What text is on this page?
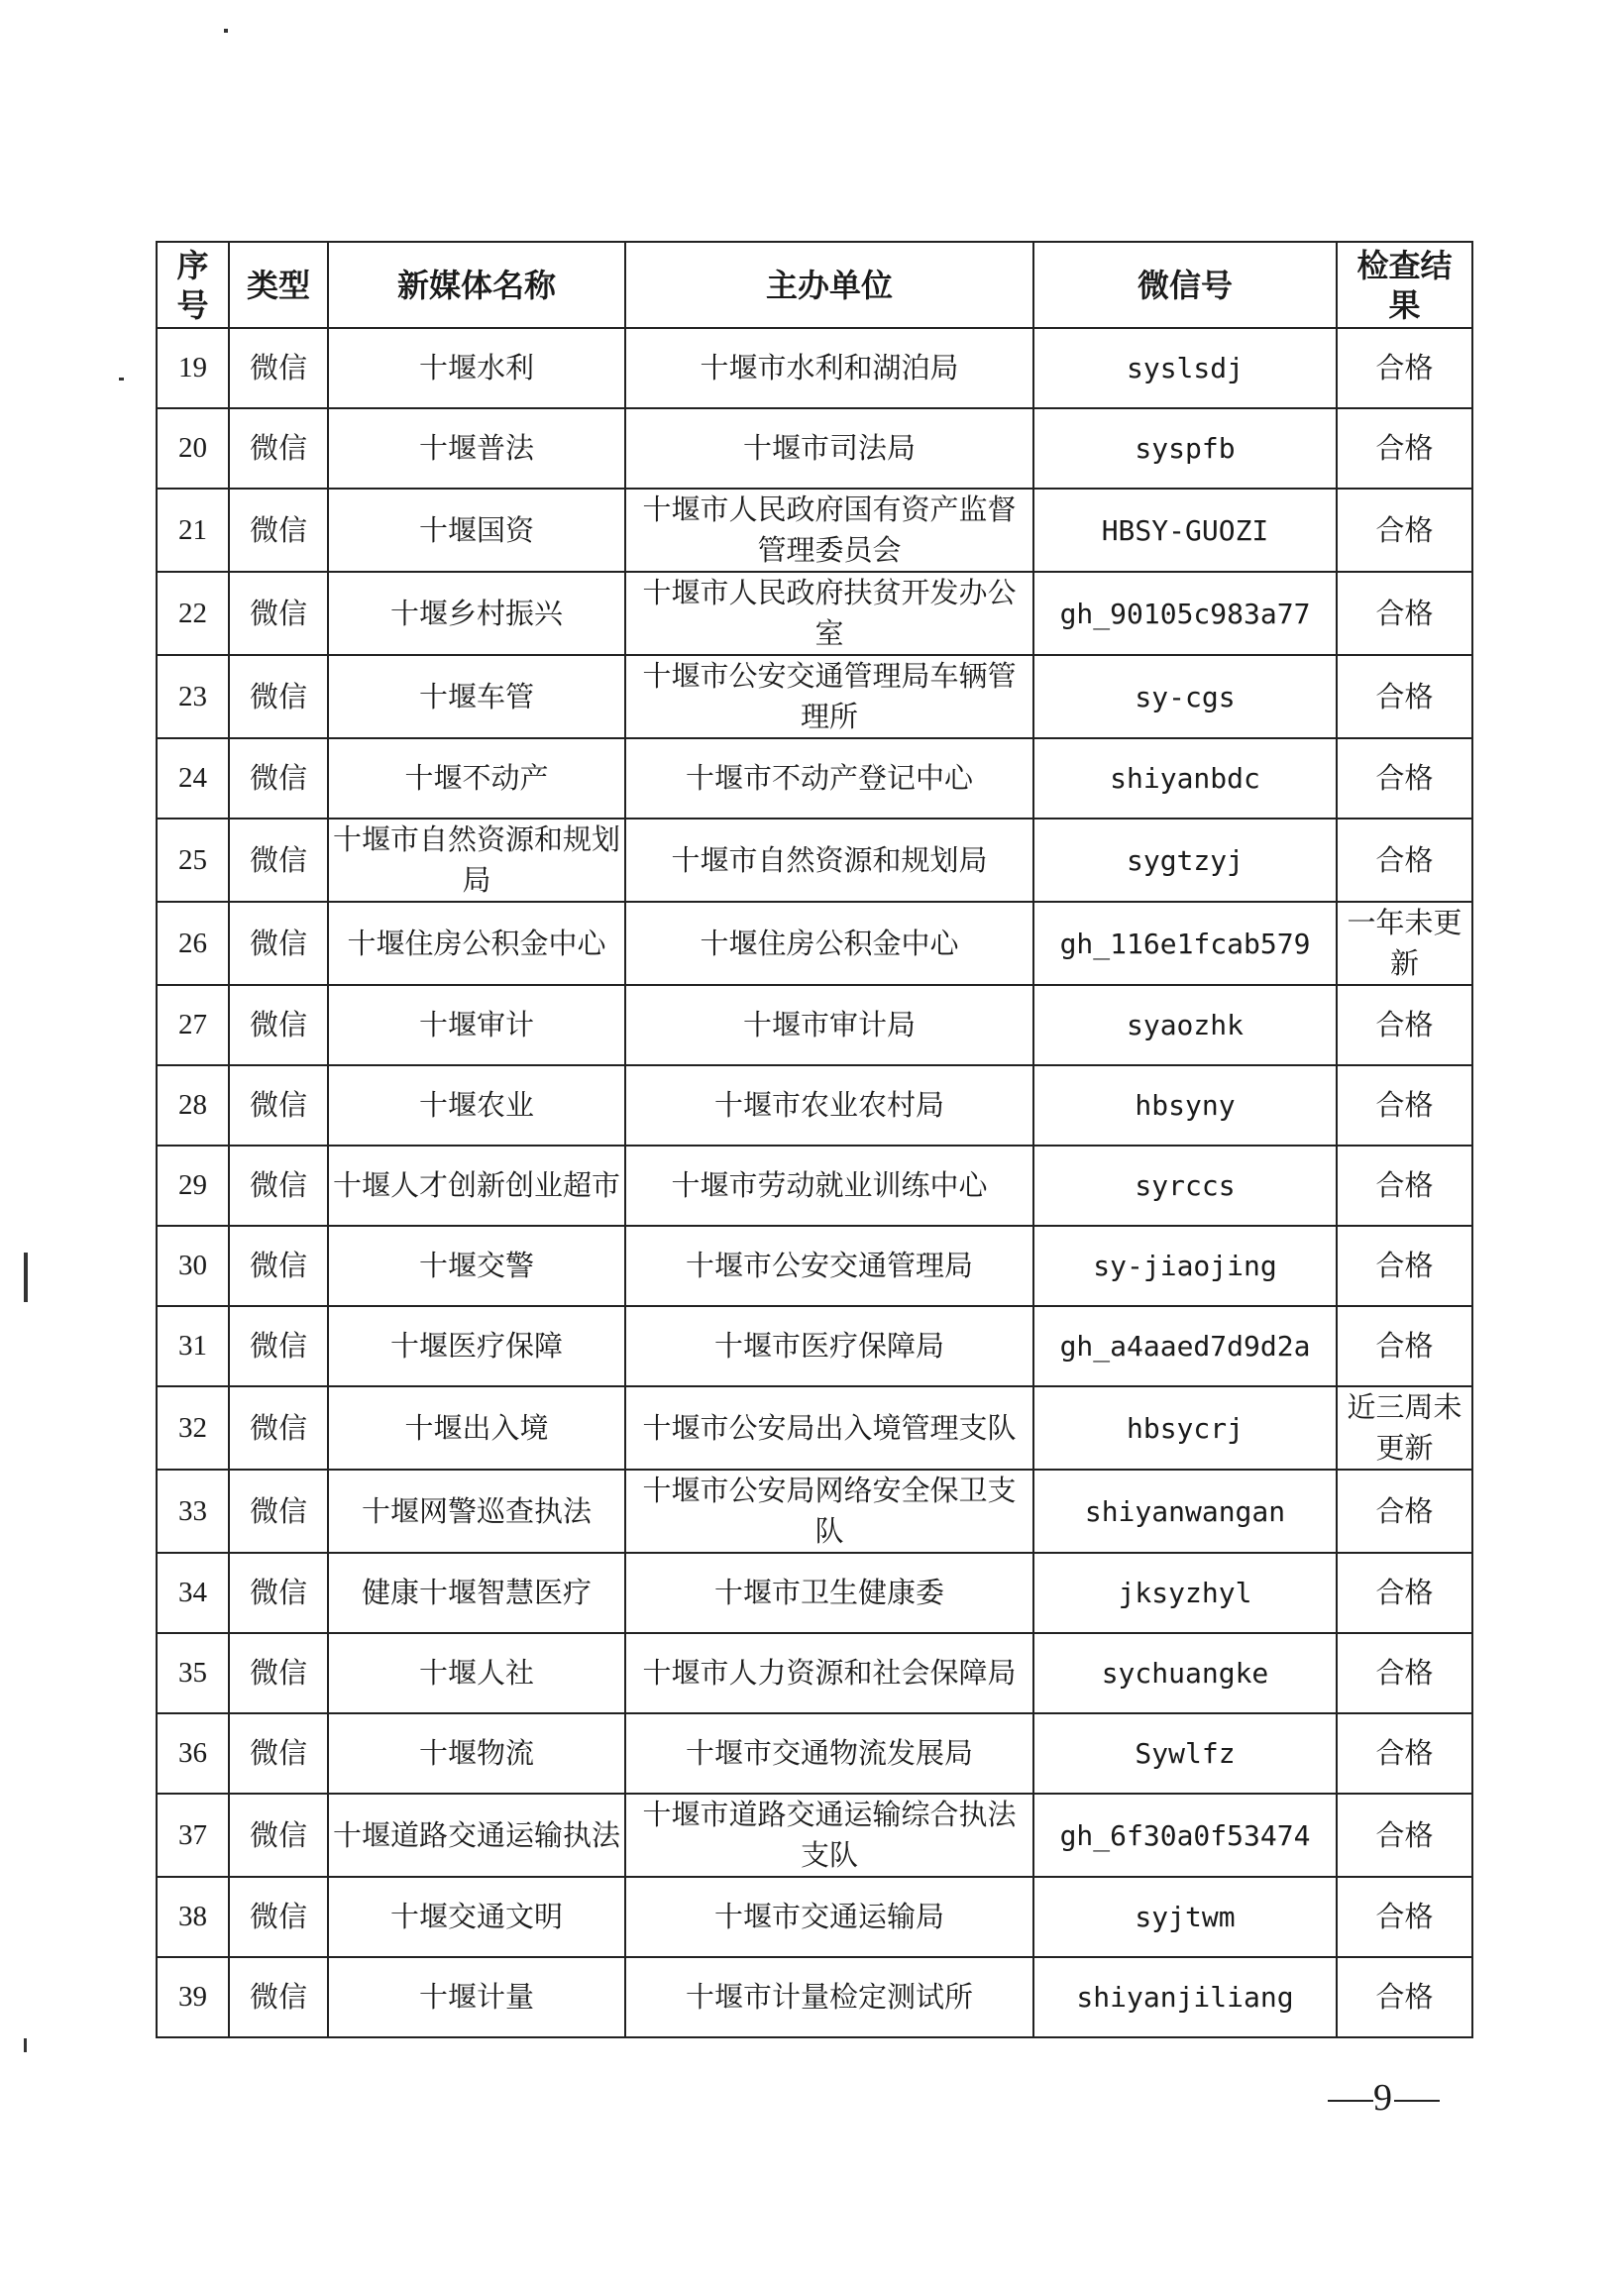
序号	类型	新媒体名称	主办单位	微信号	检查结果
19	微信	十堰水利	十堰市水利和湖泊局	syslsdj	合格
20	微信	十堰普法	十堰市司法局	syspfb	合格
21	微信	十堰国资	十堰市人民政府国有资产监督管理委员会	HBSY-GUOZI	合格
22	微信	十堰乡村振兴	十堰市人民政府扶贫开发办公室	gh_90105c983a77	合格
23	微信	十堰车管	十堰市公安交通管理局车辆管理所	sy-cgs	合格
24	微信	十堰不动产	十堰市不动产登记中心	shiyanbdc	合格
25	微信	十堰市自然资源和规划局	十堰市自然资源和规划局	sygtzyj	合格
26	微信	十堰住房公积金中心	十堰住房公积金中心	gh_116e1fcab579	一年未更新
27	微信	十堰审计	十堰市审计局	syaozhk	合格
28	微信	十堰农业	十堰市农业农村局	hbsyny	合格
29	微信	十堰人才创新创业超市	十堰市劳动就业训练中心	syrccs	合格
30	微信	十堰交警	十堰市公安交通管理局	sy-jiaojing	合格
31	微信	十堰医疗保障	十堰市医疗保障局	gh_a4aaed7d9d2a	合格
32	微信	十堰出入境	十堰市公安局出入境管理支队	hbsycrj	近三周未更新
33	微信	十堰网警巡查执法	十堰市公安局网络安全保卫支队	shiyanwangan	合格
34	微信	健康十堰智慧医疗	十堰市卫生健康委	jksyzhyl	合格
35	微信	十堰人社	十堰市人力资源和社会保障局	sychuangke	合格
36	微信	十堰物流	十堰市交通物流发展局	Sywlfz	合格
37	微信	十堰道路交通运输执法	十堰市道路交通运输综合执法支队	gh_6f30a0f53474	合格
38	微信	十堰交通文明	十堰市交通运输局	syjtwm	合格
39	微信	十堰计量	十堰市计量检定测试所	shiyanjiliang	合格
9
